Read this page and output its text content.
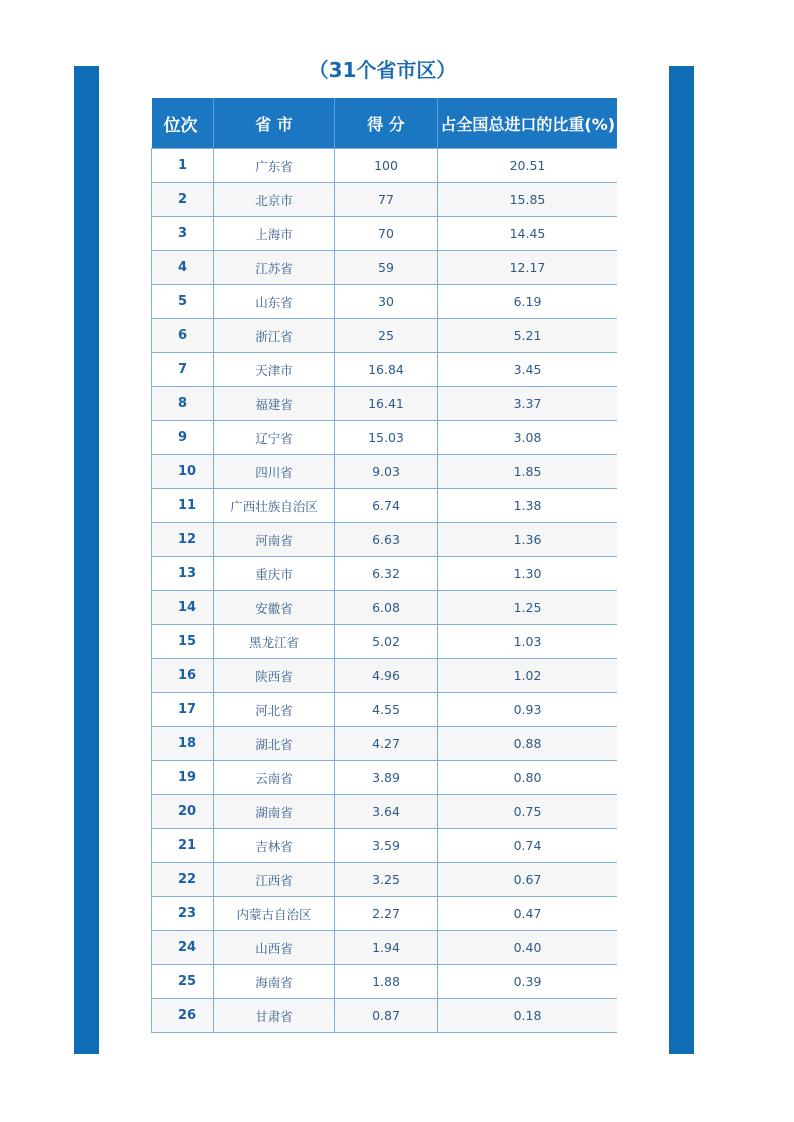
（31个省市区）
位次	省 市	得 分	占全国总进口的比重(%)
1	广东省	100	20.51
2	北京市	77	15.85
3	上海市	70	14.45
4	江苏省	59	12.17
5	山东省	30	6.19
6	浙江省	25	5.21
7	天津市	16.84	3.45
8	福建省	16.41	3.37
9	辽宁省	15.03	3.08
10	四川省	9.03	1.85
11	广西壮族自治区	6.74	1.38
12	河南省	6.63	1.36
13	重庆市	6.32	1.30
14	安徽省	6.08	1.25
15	黑龙江省	5.02	1.03
16	陕西省	4.96	1.02
17	河北省	4.55	0.93
18	湖北省	4.27	0.88
19	云南省	3.89	0.80
20	湖南省	3.64	0.75
21	吉林省	3.59	0.74
22	江西省	3.25	0.67
23	内蒙古自治区	2.27	0.47
24	山西省	1.94	0.40
25	海南省	1.88	0.39
26	甘肃省	0.87	0.18
